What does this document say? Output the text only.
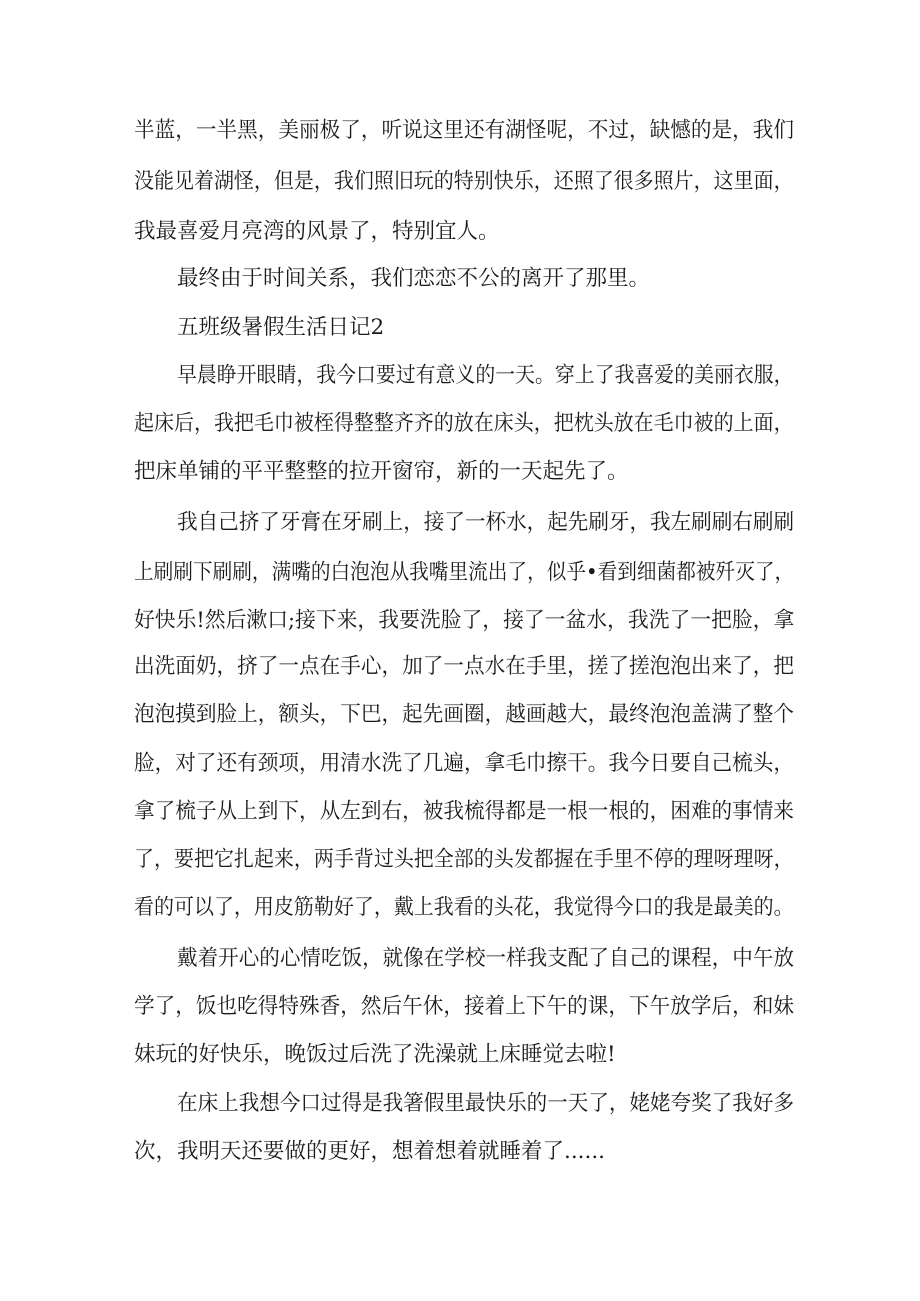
半蓝，一半黑，美丽极了，听说这里还有湖怪呢，不过，缺憾的是，我们
没能见着湖怪，但是，我们照旧玩的特别快乐，还照了很多照片，这里面，
我最喜爱月亮湾的风景了，特别宜人。
最终由于时间关系，我们恋恋不公的离开了那里。
五班级暑假生活日记2
早晨睁开眼睛，我今口要过有意义的一天。穿上了我喜爱的美丽衣服，
起床后，我把毛巾被桎得整整齐齐的放在床头，把枕头放在毛巾被的上面，
把床单铺的平平整整的拉开窗帘，新的一天起先了。
我自己挤了牙膏在牙刷上，接了一杯水，起先刷牙，我左刷刷右刷刷
上刷刷下刷刷，满嘴的白泡泡从我嘴里流出了，似乎•看到细菌都被歼灭了，
好快乐!然后漱口;接下来，我要洗脸了，接了一盆水，我洗了一把脸，拿
出洗面奶，挤了一点在手心，加了一点水在手里，搓了搓泡泡出来了，把
泡泡摸到脸上，额头，下巴，起先画圈，越画越大，最终泡泡盖满了整个
脸，对了还有颈项，用清水洗了几遍，拿毛巾擦干。我今日要自己梳头，
拿了梳子从上到下，从左到右，被我梳得都是一根一根的，困难的事情来
了，要把它扎起来，两手背过头把全部的头发都握在手里不停的理呀理呀，
看的可以了，用皮筋勒好了，戴上我看的头花，我觉得今口的我是最美的。
戴着开心的心情吃饭，就像在学校一样我支配了自己的课程，中午放
学了，饭也吃得特殊香，然后午休，接着上下午的课，下午放学后，和妹
妹玩的好快乐，晚饭过后洗了洗澡就上床睡觉去啦!
在床上我想今口过得是我箸假里最快乐的一天了，姥姥夸奖了我好多
次，我明天还要做的更好，想着想着就睡着了......
